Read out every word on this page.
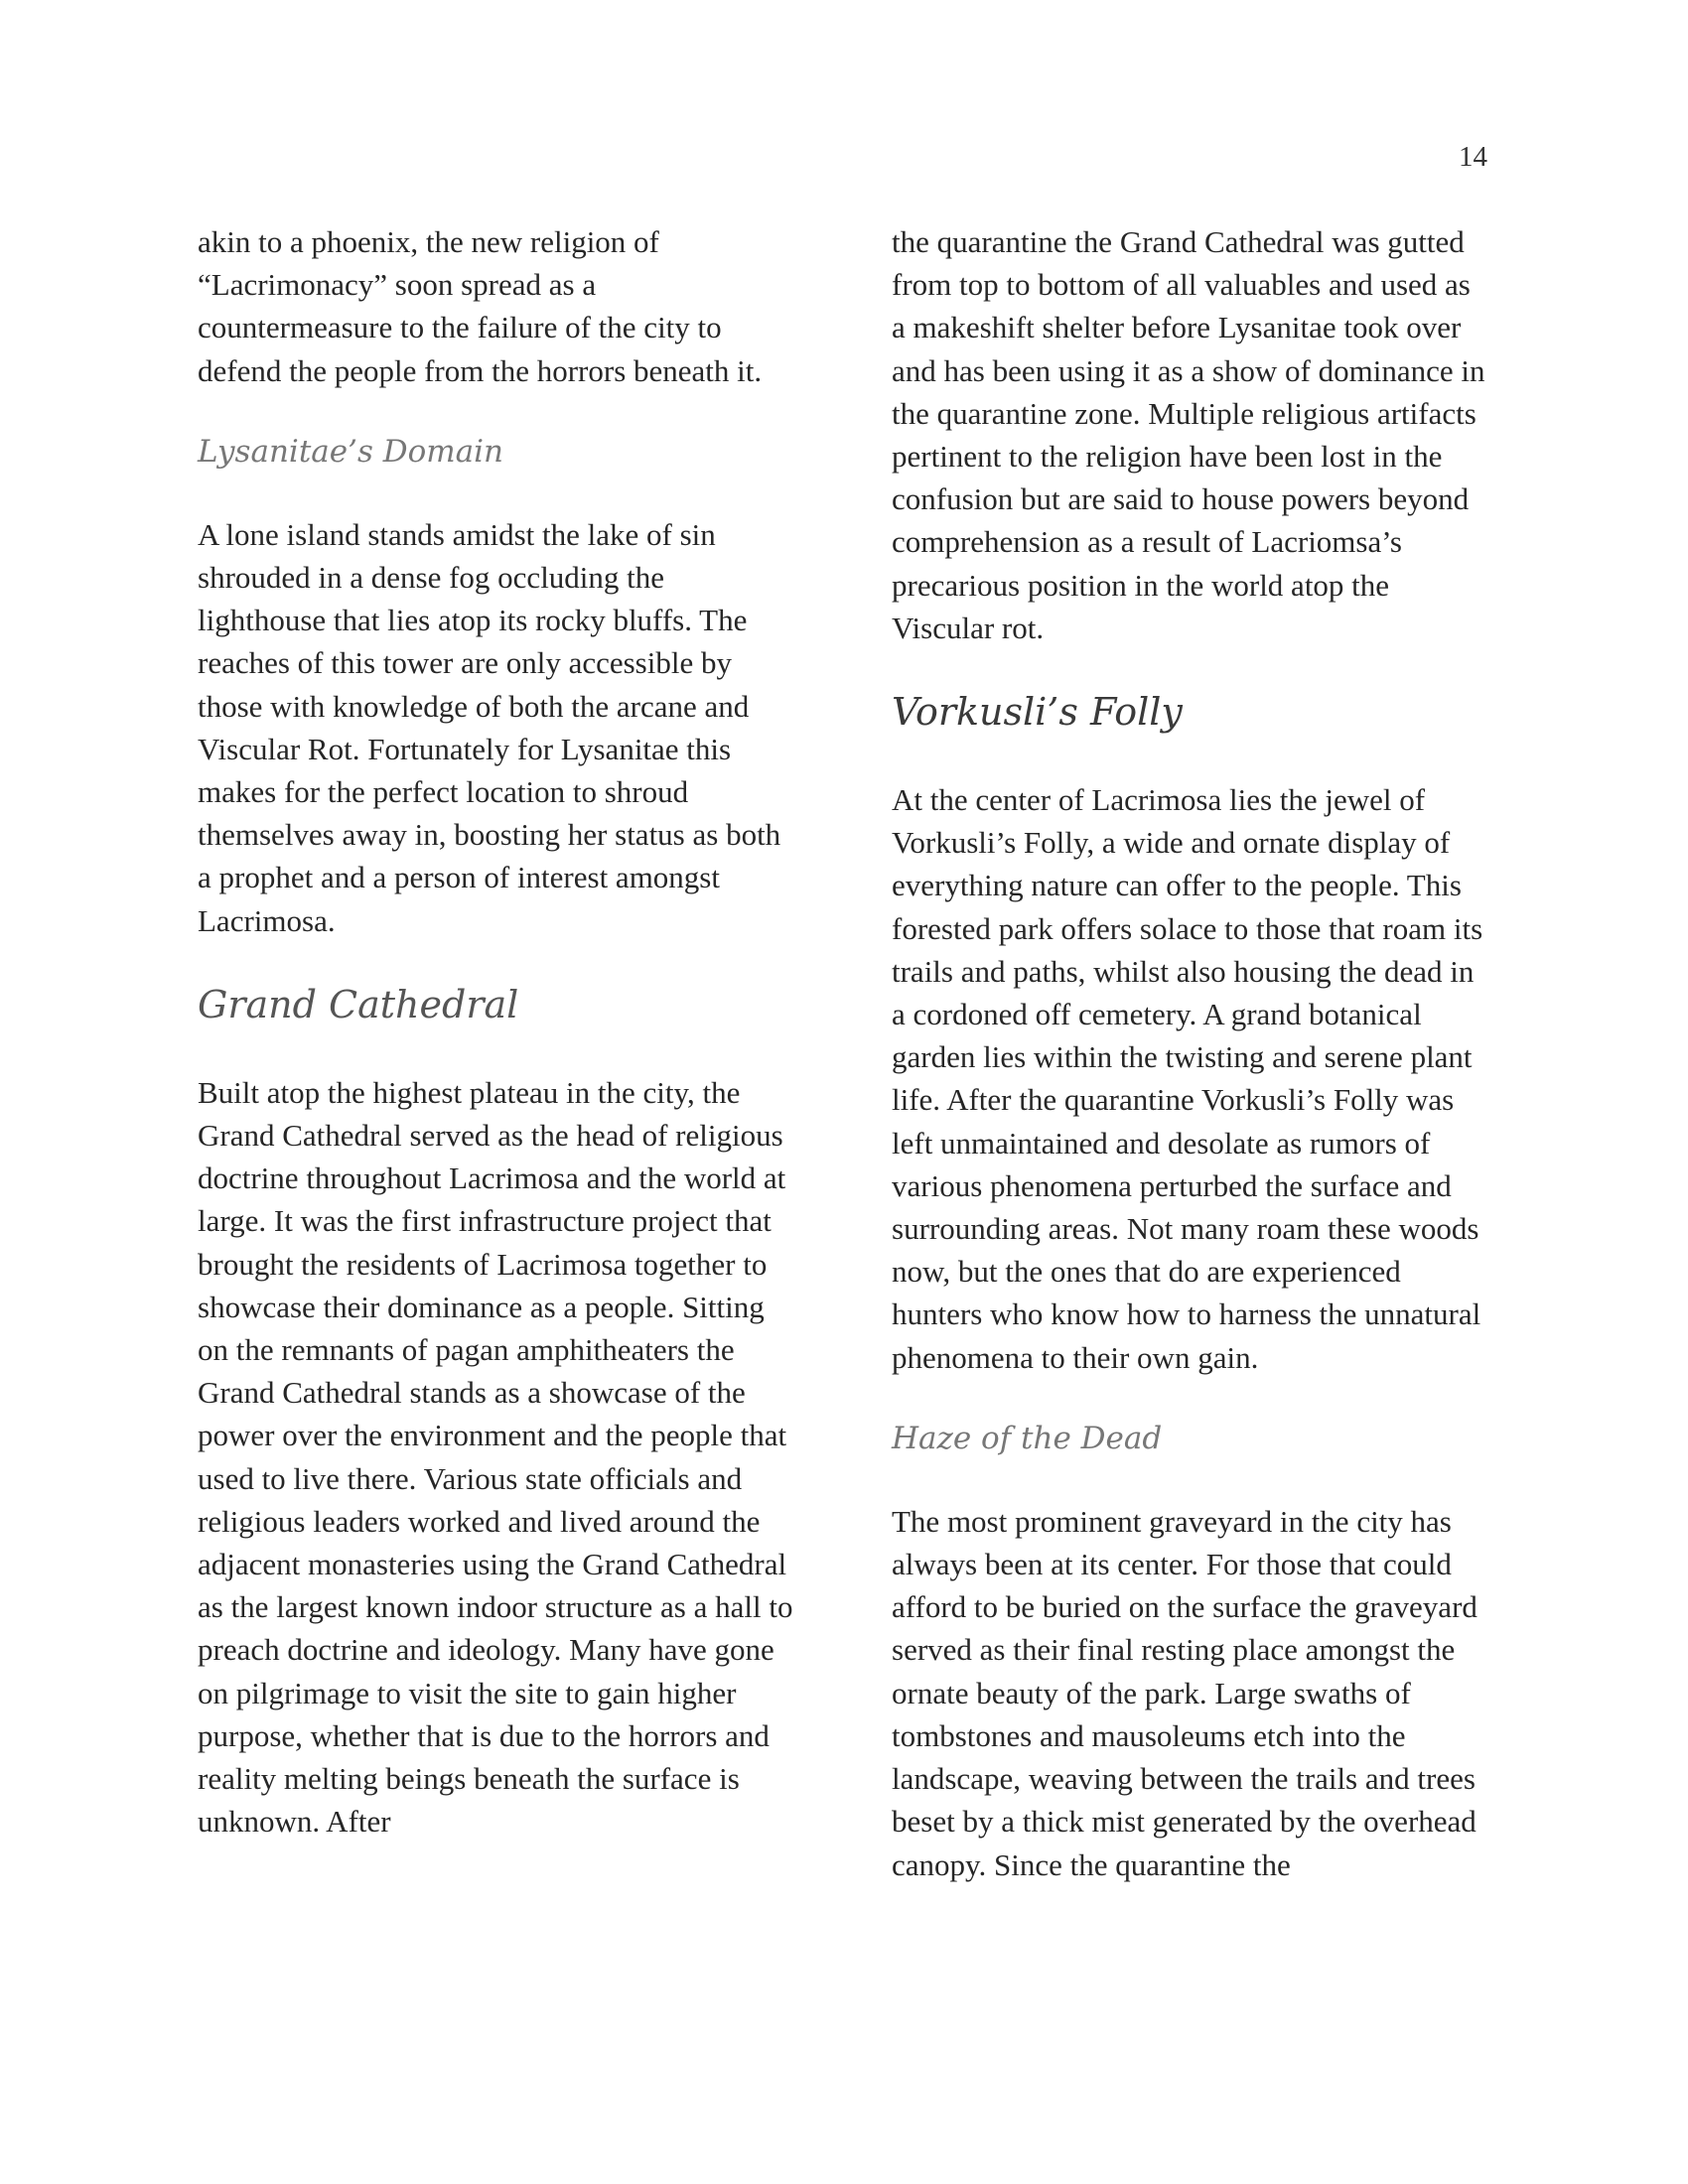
14

akin to a phoenix, the new religion of “Lacrimonacy” soon spread as a countermeasure to the failure of the city to defend the people from the horrors beneath it.

Lysanitae’s Domain

A lone island stands amidst the lake of sin shrouded in a dense fog occluding the lighthouse that lies atop its rocky bluffs. The reaches of this tower are only accessible by those with knowledge of both the arcane and Viscular Rot. Fortunately for Lysanitae this makes for the perfect location to shroud themselves away in, boosting her status as both a prophet and a person of interest amongst Lacrimosa.

Grand Cathedral

Built atop the highest plateau in the city, the Grand Cathedral served as the head of religious doctrine throughout Lacrimosa and the world at large. It was the first infrastructure project that brought the residents of Lacrimosa together to showcase their dominance as a people. Sitting on the remnants of pagan amphitheaters the Grand Cathedral stands as a showcase of the power over the environment and the people that used to live there. Various state officials and religious leaders worked and lived around the adjacent monasteries using the Grand Cathedral as the largest known indoor structure as a hall to preach doctrine and ideology. Many have gone on pilgrimage to visit the site to gain higher purpose, whether that is due to the horrors and reality melting beings beneath the surface is unknown. After

the quarantine the Grand Cathedral was gutted from top to bottom of all valuables and used as a makeshift shelter before Lysanitae took over and has been using it as a show of dominance in the quarantine zone. Multiple religious artifacts pertinent to the religion have been lost in the confusion but are said to house powers beyond comprehension as a result of Lacriomsa’s precarious position in the world atop the Viscular rot.

Vorkusli’s Folly

At the center of Lacrimosa lies the jewel of Vorkusli’s Folly, a wide and ornate display of everything nature can offer to the people. This forested park offers solace to those that roam its trails and paths, whilst also housing the dead in a cordoned off cemetery. A grand botanical garden lies within the twisting and serene plant life. After the quarantine Vorkusli’s Folly was left unmaintained and desolate as rumors of various phenomena perturbed the surface and surrounding areas. Not many roam these woods now, but the ones that do are experienced hunters who know how to harness the unnatural phenomena to their own gain.

Haze of the Dead

The most prominent graveyard in the city has always been at its center. For those that could afford to be buried on the surface the graveyard served as their final resting place amongst the ornate beauty of the park. Large swaths of tombstones and mausoleums etch into the landscape, weaving between the trails and trees beset by a thick mist generated by the overhead canopy. Since the quarantine the
